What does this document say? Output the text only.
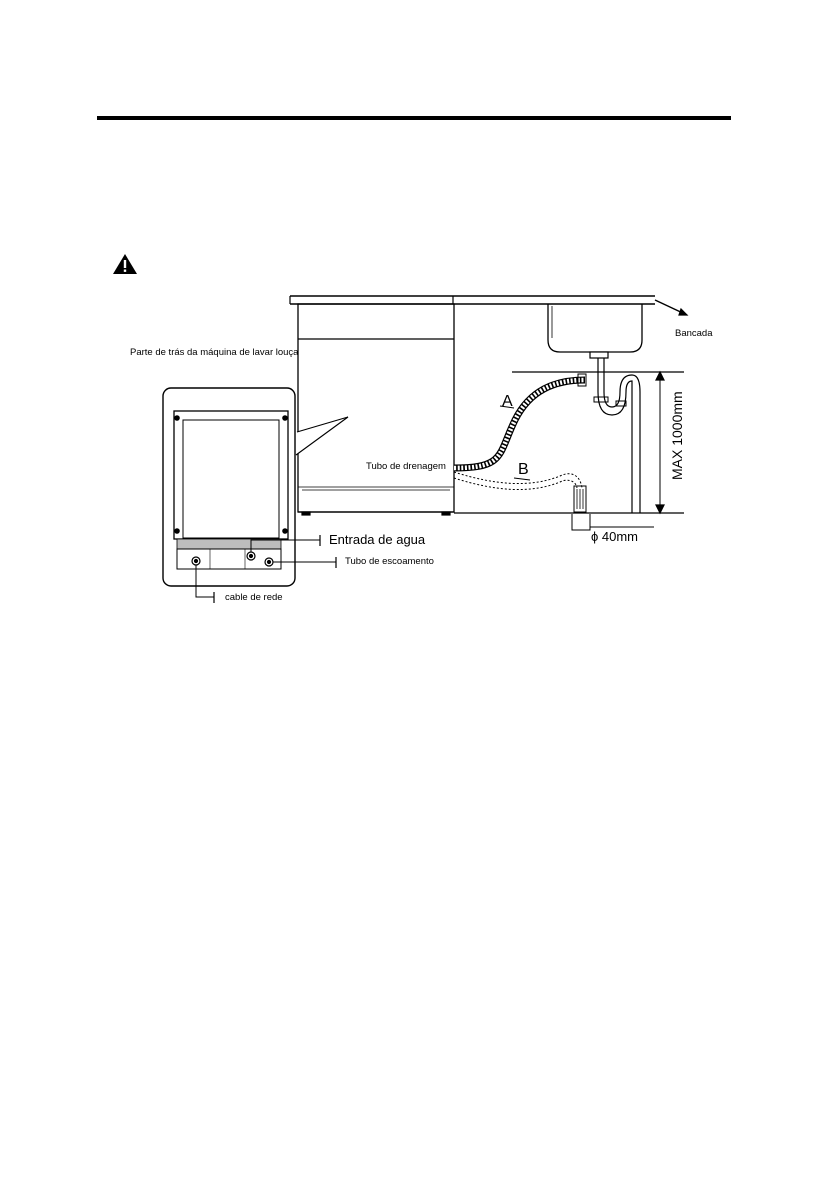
Parte de trás da máquina de lavar louça
Bancada
Tubo de drenagem
Entrada de agua
Tubo de escoamento
cable de rede
A
B
ϕ 40mm
MAX 1000mm
